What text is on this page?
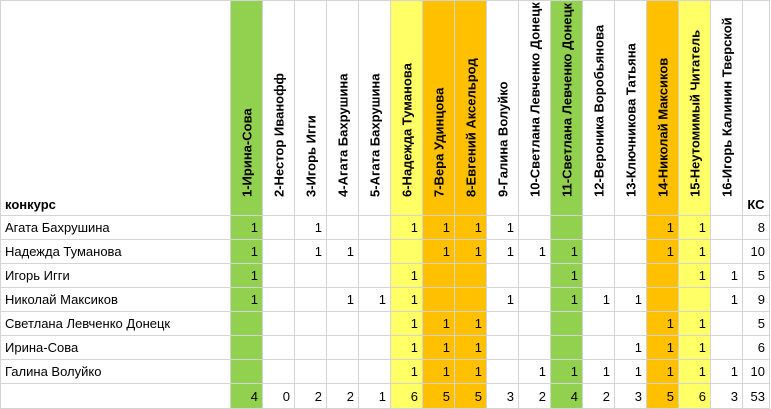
конкурс	1-Ирина-Сова	2-Нестор Иванофф	3-Игорь Игги	4-Агата Бахрушина	5-Агата Бахрушина	6-Надежда Туманова	7-Вера Удинцова	8-Евгений Аксельрод	9-Галина Волуйко	10-Светлана Левченко Донецк	11-Светлана Левченко Донецк	12-Вероника Воробьянова	13-Ключникова Татьяна	14-Николай Максиков	15-Неутомимый Читатель	16-Игорь Калинин Тверской	КС
Агата Бахрушина	1		1			1	1	1	1					1	1		8
Надежда Туманова	1		1	1			1	1	1	1	1			1	1		10
Игорь Игги	1					1					1				1	1	5
Николай Максиков	1			1	1	1			1		1	1	1			1	9
Светлана Левченко Донецк						1	1	1						1	1		5
Ирина-Сова						1	1	1					1	1	1		6
Галина Волуйко						1	1	1		1	1	1	1	1	1	1	10
	4	0	2	2	1	6	5	5	3	2	4	2	3	5	6	3	53
